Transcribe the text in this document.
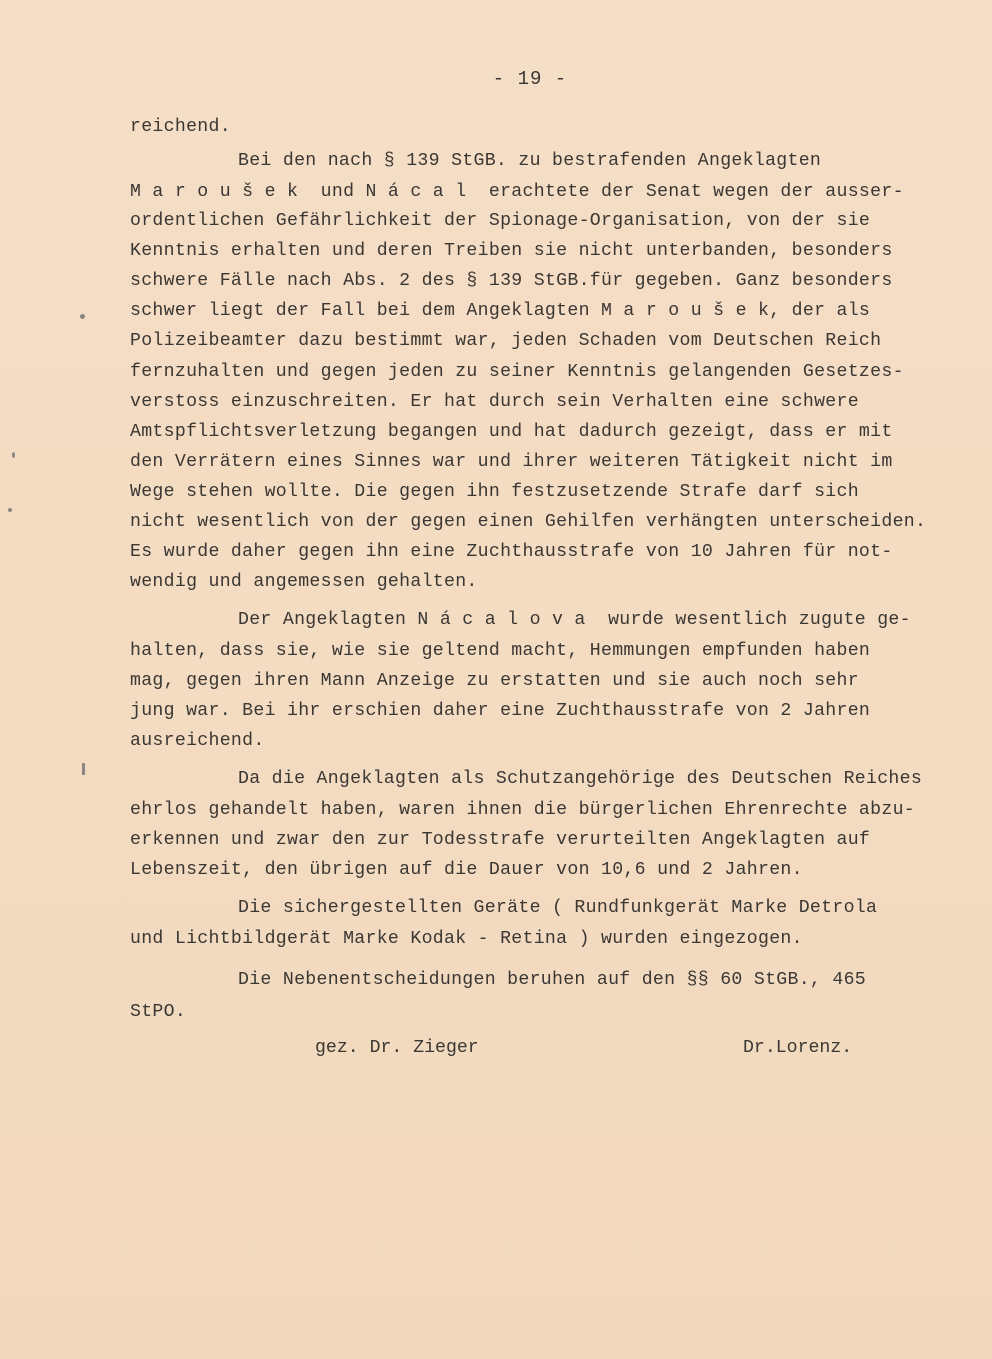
- 19 -
reichend.
Bei den nach § 139 StGB. zu bestrafenden Angeklagten
M a r o u š e k  und N á c a l  erachtete der Senat wegen der ausser-
ordentlichen Gefährlichkeit der Spionage-Organisation, von der sie
Kenntnis erhalten und deren Treiben sie nicht unterbanden, besonders
schwere Fälle nach Abs. 2 des § 139 StGB.für gegeben. Ganz besonders
schwer liegt der Fall bei dem Angeklagten M a r o u š e k, der als
Polizeibeamter dazu bestimmt war, jeden Schaden vom Deutschen Reich
fernzuhalten und gegen jeden zu seiner Kenntnis gelangenden Gesetzes-
verstoss einzuschreiten. Er hat durch sein Verhalten eine schwere
Amtspflichtsverletzung begangen und hat dadurch gezeigt, dass er mit
den Verrätern eines Sinnes war und ihrer weiteren Tätigkeit nicht im
Wege stehen wollte. Die gegen ihn festzusetzende Strafe darf sich
nicht wesentlich von der gegen einen Gehilfen verhängten unterscheiden.
Es wurde daher gegen ihn eine Zuchthausstrafe von 10 Jahren für not-
wendig und angemessen gehalten.
Der Angeklagten N á c a l o v a  wurde wesentlich zugute ge-
halten, dass sie, wie sie geltend macht, Hemmungen empfunden haben
mag, gegen ihren Mann Anzeige zu erstatten und sie auch noch sehr
jung war. Bei ihr erschien daher eine Zuchthausstrafe von 2 Jahren
ausreichend.
Da die Angeklagten als Schutzangehörige des Deutschen Reiches
ehrlos gehandelt haben, waren ihnen die bürgerlichen Ehrenrechte abzu-
erkennen und zwar den zur Todesstrafe verurteilten Angeklagten auf
Lebenszeit, den übrigen auf die Dauer von 10,6 und 2 Jahren.
Die sichergestellten Geräte ( Rundfunkgerät Marke Detrola
und Lichtbildgerät Marke Kodak - Retina ) wurden eingezogen.
Die Nebenentscheidungen beruhen auf den §§ 60 StGB., 465
StPO.
gez. Dr. Zieger	Dr.Lorenz.
